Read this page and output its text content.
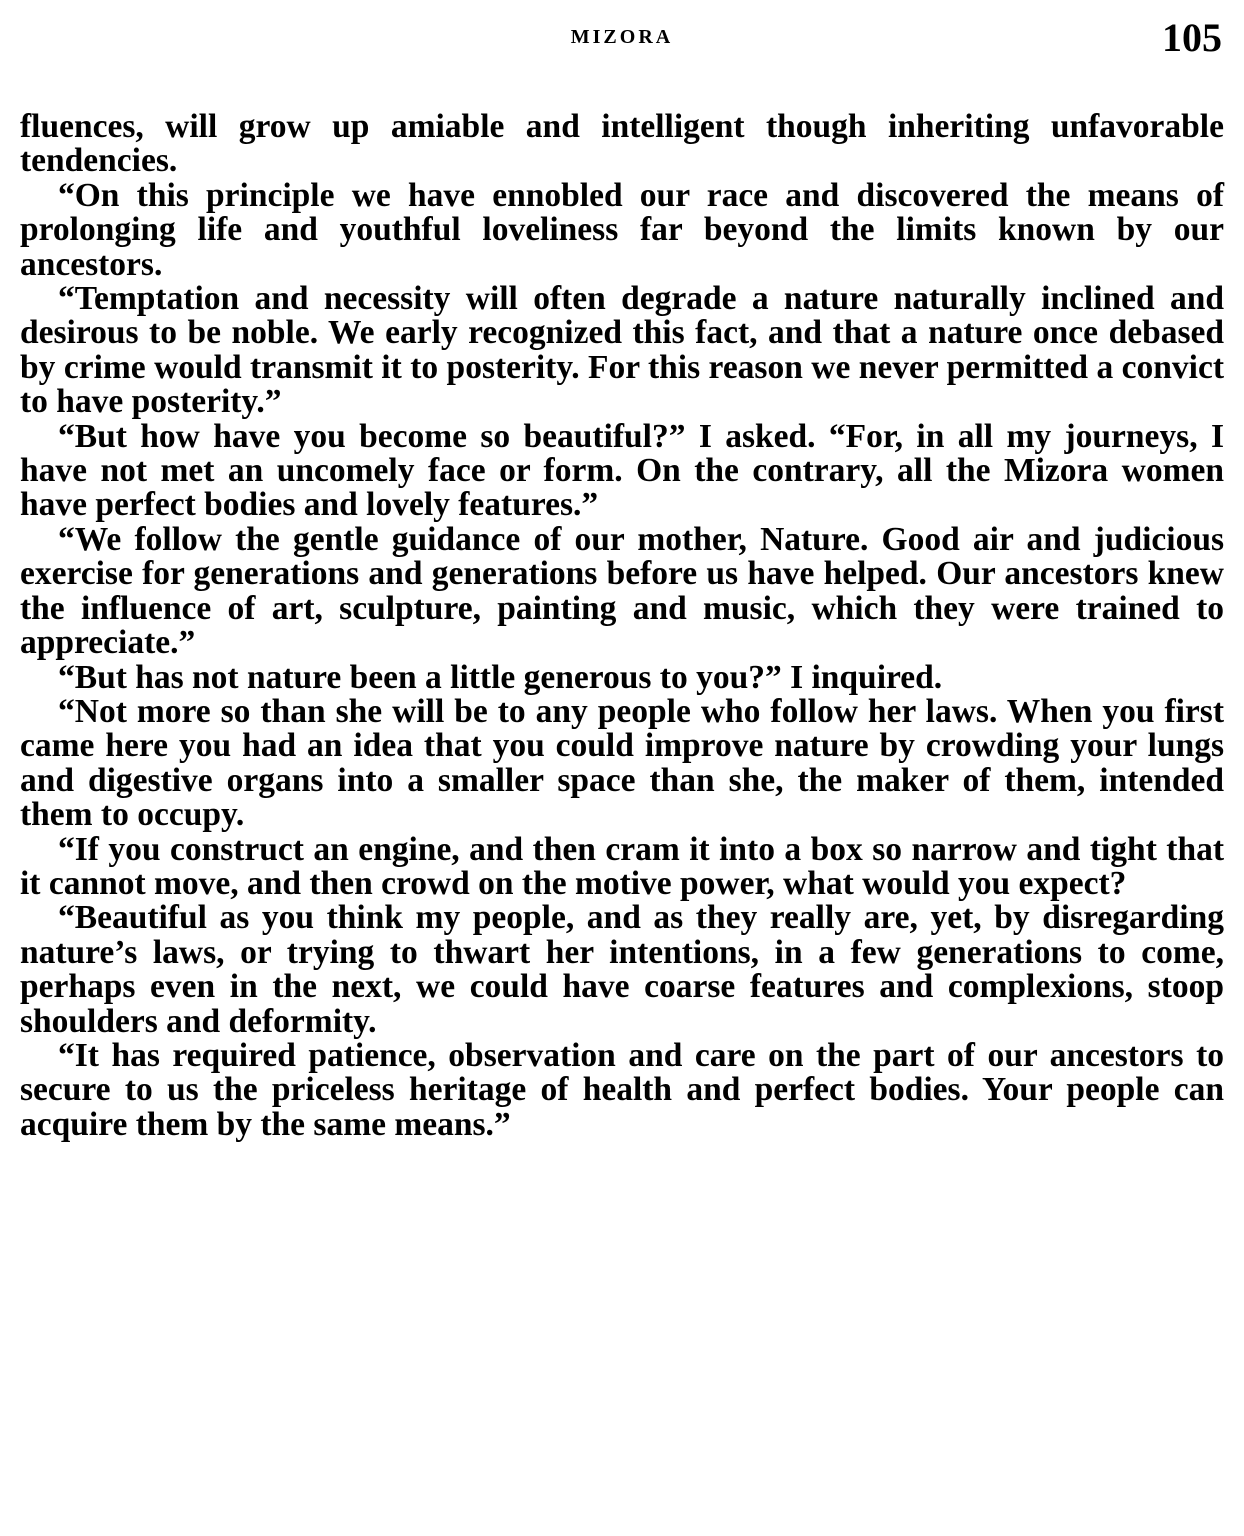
MIZORA	105

fluences, will grow up amiable and intelligent though inheriting unfavorable tendencies.

“On this principle we have ennobled our race and discovered the means of prolonging life and youthful loveliness far beyond the limits known by our ancestors.

“Temptation and necessity will often degrade a nature naturally inclined and desirous to be noble. We early recognized this fact, and that a nature once debased by crime would transmit it to posterity. For this reason we never permitted a convict to have posterity.”

“But how have you become so beautiful?” I asked. “For, in all my journeys, I have not met an uncomely face or form. On the contrary, all the Mizora women have perfect bodies and lovely features.”

“We follow the gentle guidance of our mother, Nature. Good air and judicious exercise for generations and generations before us have helped. Our ancestors knew the influence of art, sculpture, painting and music, which they were trained to appreciate.”

“But has not nature been a little generous to you?” I inquired.

“Not more so than she will be to any people who follow her laws. When you first came here you had an idea that you could improve nature by crowding your lungs and digestive organs into a smaller space than she, the maker of them, intended them to occupy.

“If you construct an engine, and then cram it into a box so narrow and tight that it cannot move, and then crowd on the motive power, what would you expect?

“Beautiful as you think my people, and as they really are, yet, by disregarding nature’s laws, or trying to thwart her intentions, in a few generations to come, perhaps even in the next, we could have coarse features and complexions, stoop shoulders and deformity.

“It has required patience, observation and care on the part of our ancestors to secure to us the priceless heritage of health and perfect bodies. Your people can acquire them by the same means.”
